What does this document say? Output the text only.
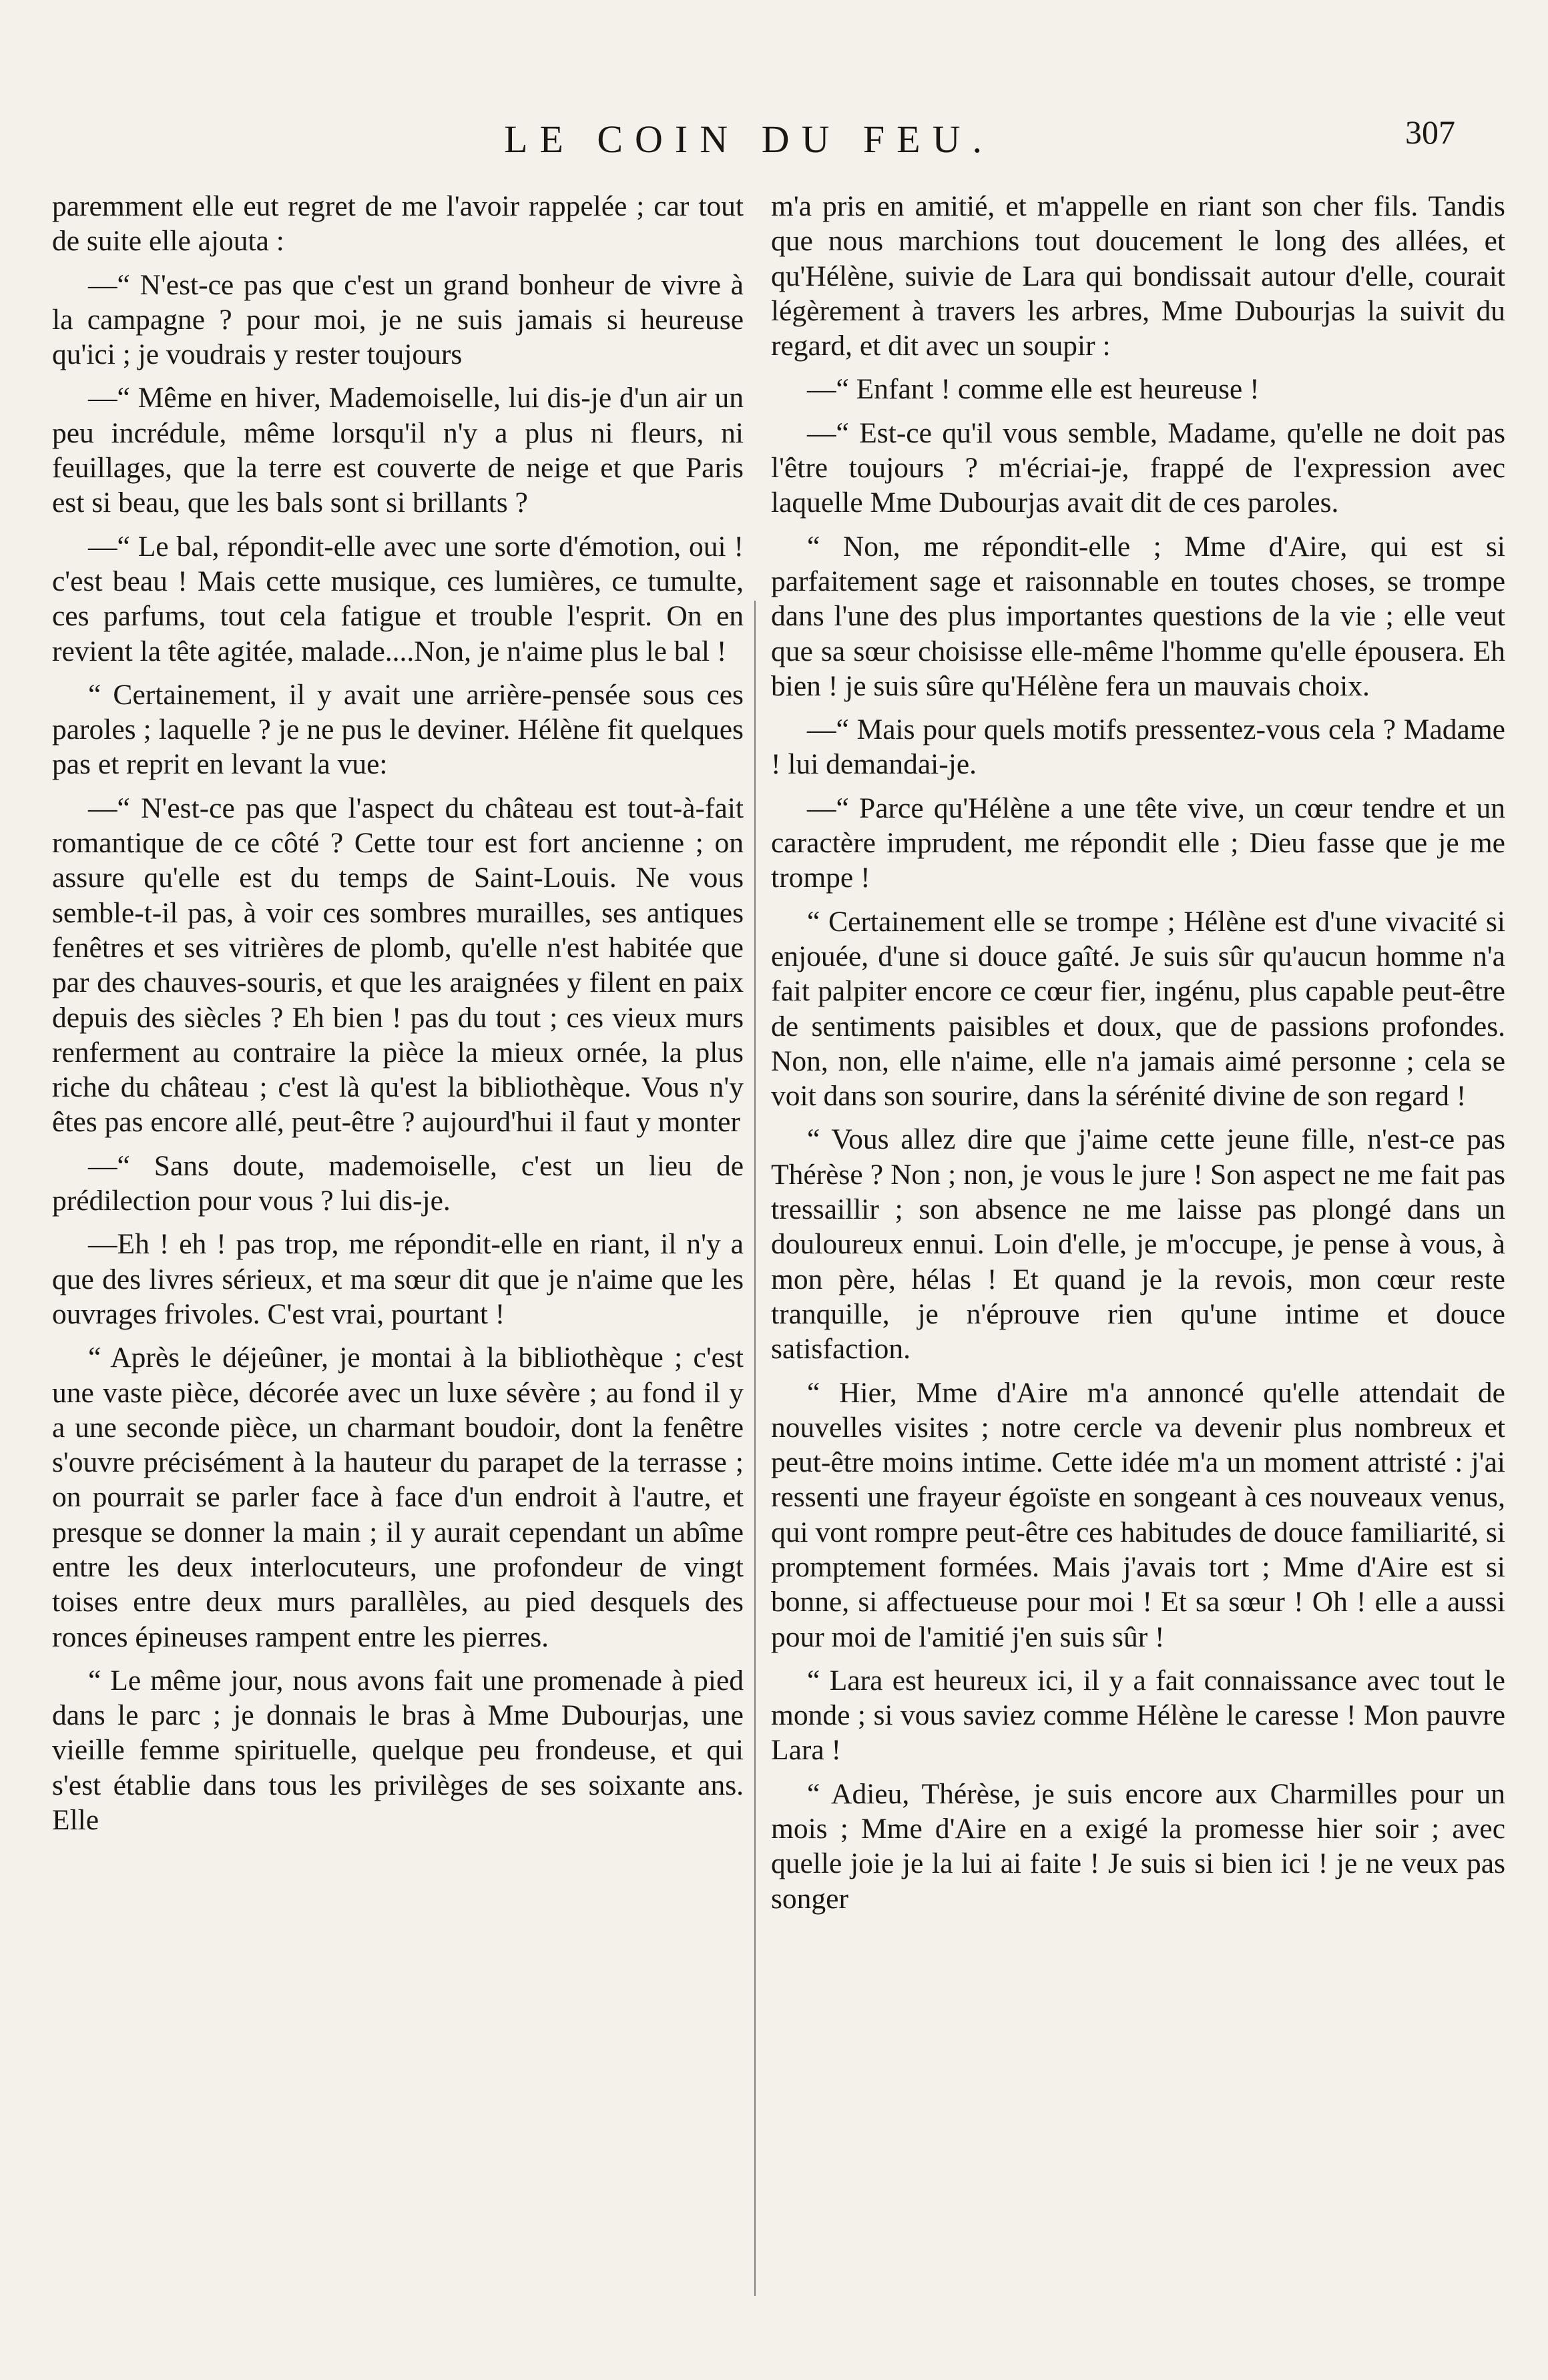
LE COIN DU FEU.	307

paremment elle eut regret de me l'avoir rappelée ; car tout de suite elle ajouta :

—“ N'est-ce pas que c'est un grand bonheur de vivre à la campagne ? pour moi, je ne suis jamais si heureuse qu'ici ; je voudrais y rester toujours

—“ Même en hiver, Mademoiselle, lui dis-je d'un air un peu incrédule, même lorsqu'il n'y a plus ni fleurs, ni feuillages, que la terre est couverte de neige et que Paris est si beau, que les bals sont si brillants ?

—“ Le bal, répondit-elle avec une sorte d'émotion, oui ! c'est beau ! Mais cette musique, ces lumières, ce tumulte, ces parfums, tout cela fatigue et trouble l'esprit. On en revient la tête agitée, malade....Non, je n'aime plus le bal !

“ Certainement, il y avait une arrière-pensée sous ces paroles ; laquelle ? je ne pus le deviner. Hélène fit quelques pas et reprit en levant la vue:

—“ N'est-ce pas que l'aspect du château est tout-à-fait romantique de ce côté ? Cette tour est fort ancienne ; on assure qu'elle est du temps de Saint-Louis. Ne vous semble-t-il pas, à voir ces sombres murailles, ses antiques fenêtres et ses vitrières de plomb, qu'elle n'est habitée que par des chauves-souris, et que les araignées y filent en paix depuis des siècles ? Eh bien ! pas du tout ; ces vieux murs renferment au contraire la pièce la mieux ornée, la plus riche du château ; c'est là qu'est la bibliothèque. Vous n'y êtes pas encore allé, peut-être ? aujourd'hui il faut y monter

—“ Sans doute, mademoiselle, c'est un lieu de prédilection pour vous ? lui dis-je.

—Eh ! eh ! pas trop, me répondit-elle en riant, il n'y a que des livres sérieux, et ma sœur dit que je n'aime que les ouvrages frivoles. C'est vrai, pourtant !

“ Après le déjeûner, je montai à la bibliothèque ; c'est une vaste pièce, décorée avec un luxe sévère ; au fond il y a une seconde pièce, un charmant boudoir, dont la fenêtre s'ouvre précisément à la hauteur du parapet de la terrasse ; on pourrait se parler face à face d'un endroit à l'autre, et presque se donner la main ; il y aurait cependant un abîme entre les deux interlocuteurs, une profondeur de vingt toises entre deux murs parallèles, au pied desquels des ronces épineuses rampent entre les pierres.

“ Le même jour, nous avons fait une promenade à pied dans le parc ; je donnais le bras à Mme Dubourjas, une vieille femme spirituelle, quelque peu frondeuse, et qui s'est établie dans tous les privilèges de ses soixante ans. Elle

m'a pris en amitié, et m'appelle en riant son cher fils. Tandis que nous marchions tout doucement le long des allées, et qu'Hélène, suivie de Lara qui bondissait autour d'elle, courait légèrement à travers les arbres, Mme Dubourjas la suivit du regard, et dit avec un soupir :

—“ Enfant ! comme elle est heureuse !

—“ Est-ce qu'il vous semble, Madame, qu'elle ne doit pas l'être toujours ? m'écriai-je, frappé de l'expression avec laquelle Mme Dubourjas avait dit de ces paroles.

“ Non, me répondit-elle ; Mme d'Aire, qui est si parfaitement sage et raisonnable en toutes choses, se trompe dans l'une des plus importantes questions de la vie ; elle veut que sa sœur choisisse elle-même l'homme qu'elle épousera. Eh bien ! je suis sûre qu'Hélène fera un mauvais choix.

—“ Mais pour quels motifs pressentez-vous cela ? Madame ! lui demandai-je.

—“ Parce qu'Hélène a une tête vive, un cœur tendre et un caractère imprudent, me répondit elle ; Dieu fasse que je me trompe !

“ Certainement elle se trompe ; Hélène est d'une vivacité si enjouée, d'une si douce gaîté. Je suis sûr qu'aucun homme n'a fait palpiter encore ce cœur fier, ingénu, plus capable peut-être de sentiments paisibles et doux, que de passions profondes. Non, non, elle n'aime, elle n'a jamais aimé personne ; cela se voit dans son sourire, dans la sérénité divine de son regard !

“ Vous allez dire que j'aime cette jeune fille, n'est-ce pas Thérèse ? Non ; non, je vous le jure ! Son aspect ne me fait pas tressaillir ; son absence ne me laisse pas plongé dans un douloureux ennui. Loin d'elle, je m'occupe, je pense à vous, à mon père, hélas ! Et quand je la revois, mon cœur reste tranquille, je n'éprouve rien qu'une intime et douce satisfaction.

“ Hier, Mme d'Aire m'a annoncé qu'elle attendait de nouvelles visites ; notre cercle va devenir plus nombreux et peut-être moins intime. Cette idée m'a un moment attristé : j'ai ressenti une frayeur égoïste en songeant à ces nouveaux venus, qui vont rompre peut-être ces habitudes de douce familiarité, si promptement formées. Mais j'avais tort ; Mme d'Aire est si bonne, si affectueuse pour moi ! Et sa sœur ! Oh ! elle a aussi pour moi de l'amitié j'en suis sûr !

“ Lara est heureux ici, il y a fait connaissance avec tout le monde ; si vous saviez comme Hélène le caresse ! Mon pauvre Lara !

“ Adieu, Thérèse, je suis encore aux Charmilles pour un mois ; Mme d'Aire en a exigé la promesse hier soir ; avec quelle joie je la lui ai faite ! Je suis si bien ici ! je ne veux pas songer
